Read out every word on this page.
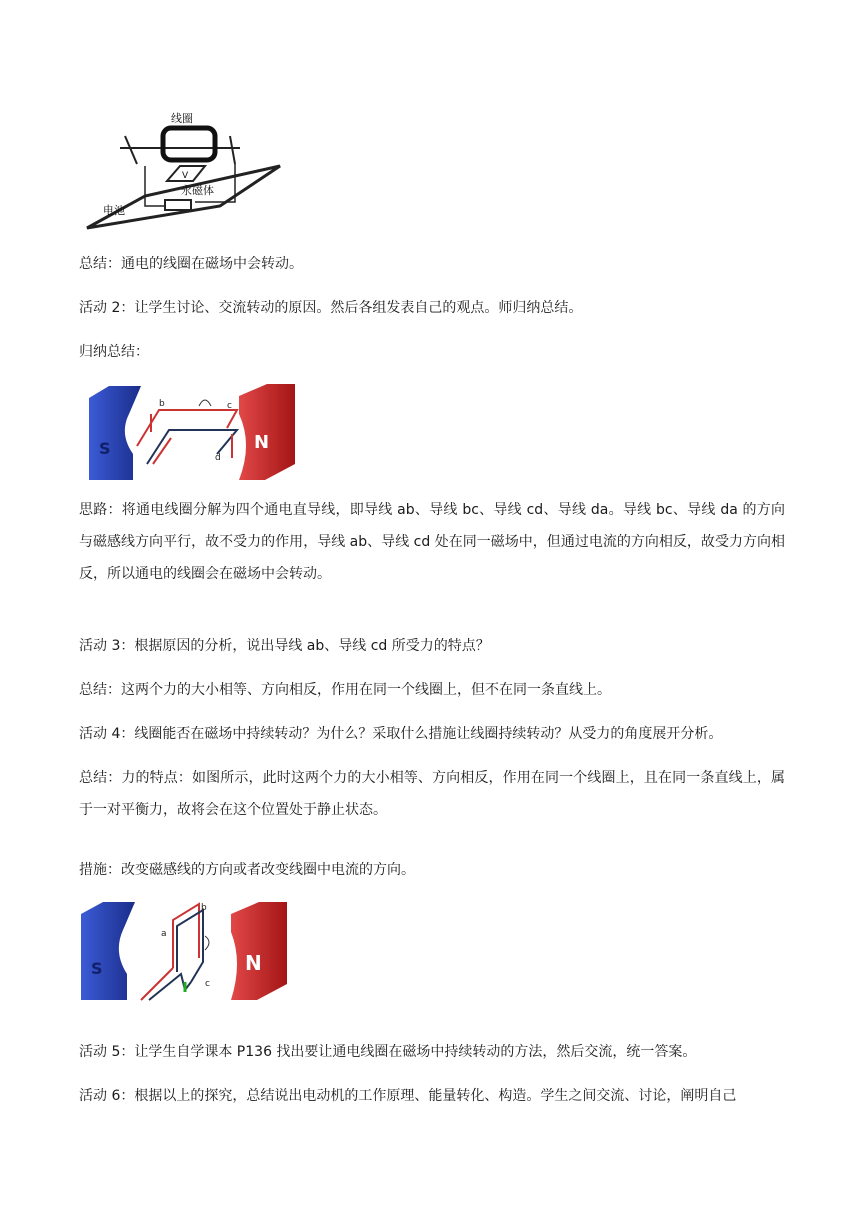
线圈
V
永磁体
电池

总结：通电的线圈在磁场中会转动。

活动 2：让学生讨论、交流转动的原因。然后各组发表自己的观点。师归纳总结。

归纳总结：

S	N
b	c
d

思路：将通电线圈分解为四个通电直导线，即导线 ab、导线 bc、导线 cd、导线 da。导线 bc、导线 da 的方向与磁感线方向平行，故不受力的作用，导线 ab、导线 cd 处在同一磁场中，但通过电流的方向相反，故受力方向相反，所以通电的线圈会在磁场中会转动。

活动 3：根据原因的分析，说出导线 ab、导线 cd 所受力的特点？

总结：这两个力的大小相等、方向相反，作用在同一个线圈上，但不在同一条直线上。

活动 4：线圈能否在磁场中持续转动？为什么？采取什么措施让线圈持续转动？从受力的角度展开分析。

总结：力的特点：如图所示，此时这两个力的大小相等、方向相反，作用在同一个线圈上，且在同一条直线上，属于一对平衡力，故将会在这个位置处于静止状态。

措施：改变磁感线的方向或者改变线圈中电流的方向。

S	N
a
b
c

活动 5：让学生自学课本 P136 找出要让通电线圈在磁场中持续转动的方法，然后交流，统一答案。

活动 6：根据以上的探究，总结说出电动机的工作原理、能量转化、构造。学生之间交流、讨论，阐明自己
